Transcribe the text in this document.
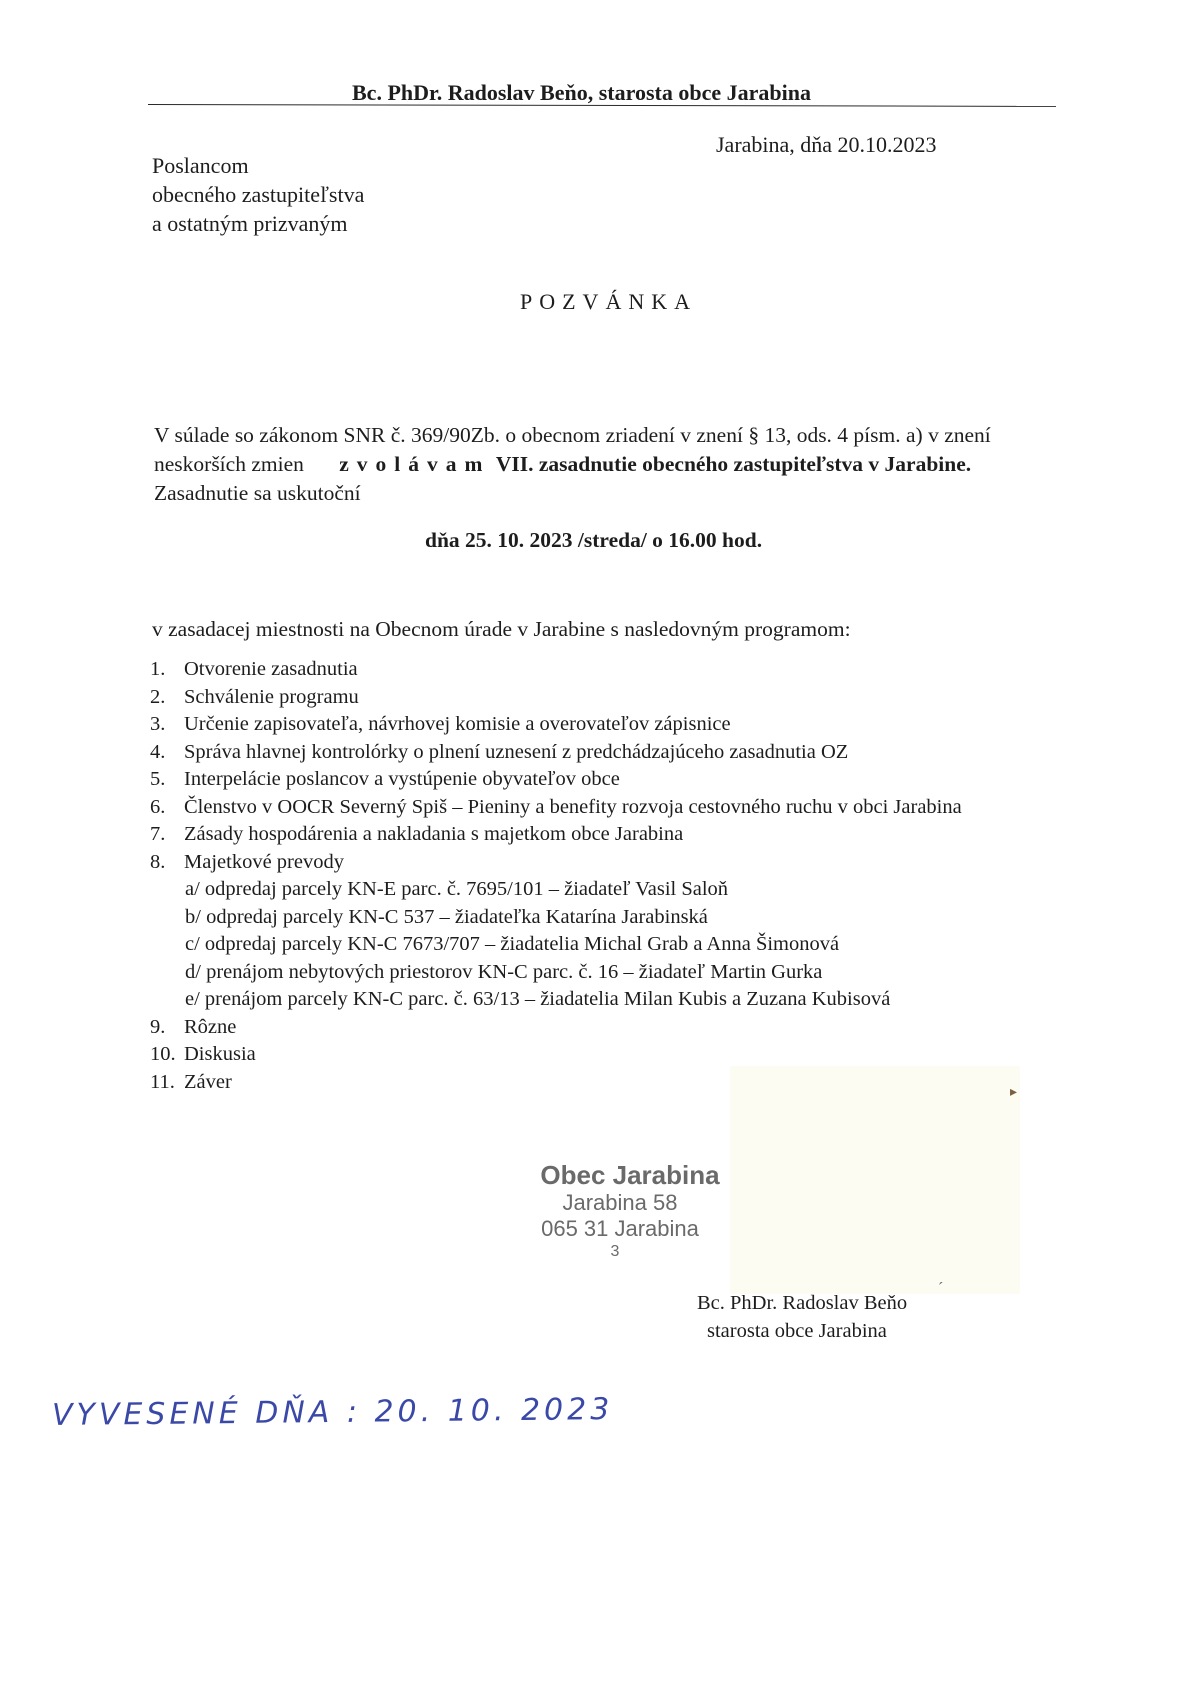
Bc. PhDr. Radoslav Beňo, starosta obce Jarabina
Jarabina, dňa 20.10.2023
Poslancom
obecného zastupiteľstva
a ostatným prizvaným
POZVÁNKA
V súlade so zákonom SNR č. 369/90Zb. o obecnom zriadení v znení § 13, ods. 4 písm. a) v znení
neskorších zmien zvolávam VII. zasadnutie obecného zastupiteľstva v Jarabine.
Zasadnutie sa uskutoční
dňa 25. 10. 2023 /streda/ o 16.00 hod.
v zasadacej miestnosti na Obecnom úrade v Jarabine s nasledovným programom:
1. Otvorenie zasadnutia
2. Schválenie programu
3. Určenie zapisovateľa, návrhovej komisie a overovateľov zápisnice
4. Správa hlavnej kontrolórky o plnení uznesení z predchádzajúceho zasadnutia OZ
5. Interpelácie poslancov a vystúpenie obyvateľov obce
6. Členstvo v OOCR Severný Spiš – Pieniny a benefity rozvoja cestovného ruchu v obci Jarabina
7. Zásady hospodárenia a nakladania s majetkom obce Jarabina
8. Majetkové prevody
a/ odpredaj parcely KN-E parc. č. 7695/101 – žiadateľ Vasil Saloň
b/ odpredaj parcely KN-C 537 – žiadateľka Katarína Jarabinská
c/ odpredaj parcely KN-C 7673/707 – žiadatelia Michal Grab a Anna Šimonová
d/ prenájom nebytových priestorov KN-C parc. č. 16 – žiadateľ Martin Gurka
e/ prenájom parcely KN-C parc. č. 63/13 – žiadatelia Milan Kubis a Zuzana Kubisová
9. Rôzne
10. Diskusia
11. Záver	▸
Obec Jarabina
Jarabina 58
065 31 Jarabina
3
Bc. PhDr. Radoslav Beňo
ˊ
starosta obce Jarabina
VYVESENÉ DŇA : 20. 10. 2023
